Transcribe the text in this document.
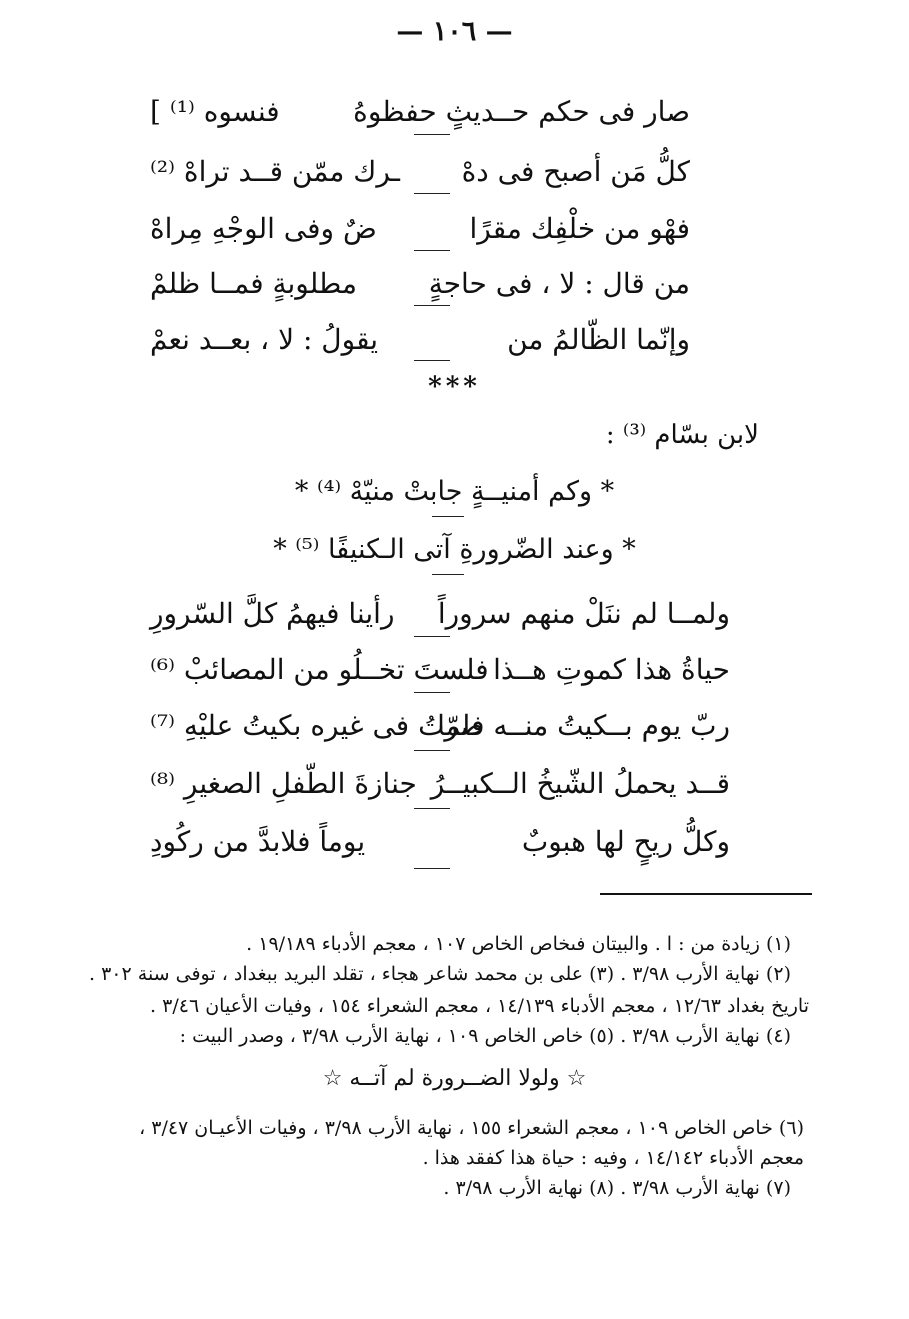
— ١٠٦ —
صار فى حكم حــديثٍ حفظوهُ
فنسوه ⁽¹⁾ ]
كلُّ مَن أصبح فى دهْ
ـرك ممّن قــد تراهْ ⁽²⁾
فهْو من خلْفِك مقرًا
ضٌ وفى الوجْهِ مِراهْ
من قال : لا ، فى حاجةٍ
مطلوبةٍ فمــا ظلمْ
وإنّما الظّالمُ من
يقولُ : لا ، بعــد نعمْ
***
لابن بسّام ⁽³⁾ :
* وكم أمنيــةٍ جابتْ منيّهْ ⁽⁴⁾ *
* وعند الضّرورةِ آتى الـكنيفًا ⁽⁵⁾ *
ولمــا لم ننَلْ منهم سروراً
رأينا فيهمُ كلَّ السّرورِ
حياةُ هذا كموتِ هــذا
فلستَ تخــلُو من المصائبْ ⁽⁶⁾
ربّ يوم بــكيتُ منــه فلمّا
صرتُ فى غيره بكيتُ عليْهِ ⁽⁷⁾
قــد يحملُ الشّيخُ الــكبيــرُ
جنازةَ الطّفلِ الصغيرِ ⁽⁸⁾
وكلُّ ريحٍ لها هبوبٌ
يوماً فلابدَّ من ركُودِ
(١) زيادة من : ا . والبيتان فىخاص الخاص ١٠٧ ، معجم الأدباء ١٩/١٨٩ .
(٢) نهاية الأرب ٣/٩٨ . (٣) على بن محمد شاعر هجاء ، تقلد البريد ببغداد ، توفى سنة ٣٠٢ .
تاريخ بغداد ١٢/٦٣ ، معجم الأدباء ١٤/١٣٩ ، معجم الشعراء ١٥٤ ، وفيات الأعيان ٣/٤٦ .
(٤) نهاية الأرب ٣/٩٨ . (٥) خاص الخاص ١٠٩ ، نهاية الأرب ٣/٩٨ ، وصدر البيت :
☆ ولولا الضــرورة لم آتــه ☆
(٦) خاص الخاص ١٠٩ ، معجم الشعراء ١٥٥ ، نهاية الأرب ٣/٩٨ ، وفيات الأعيـان ٣/٤٧ ،
معجم الأدباء ١٤/١٤٢ ، وفيه : حياة هذا كفقد هذا .
(٧) نهاية الأرب ٣/٩٨ . (٨) نهاية الأرب ٣/٩٨ .
